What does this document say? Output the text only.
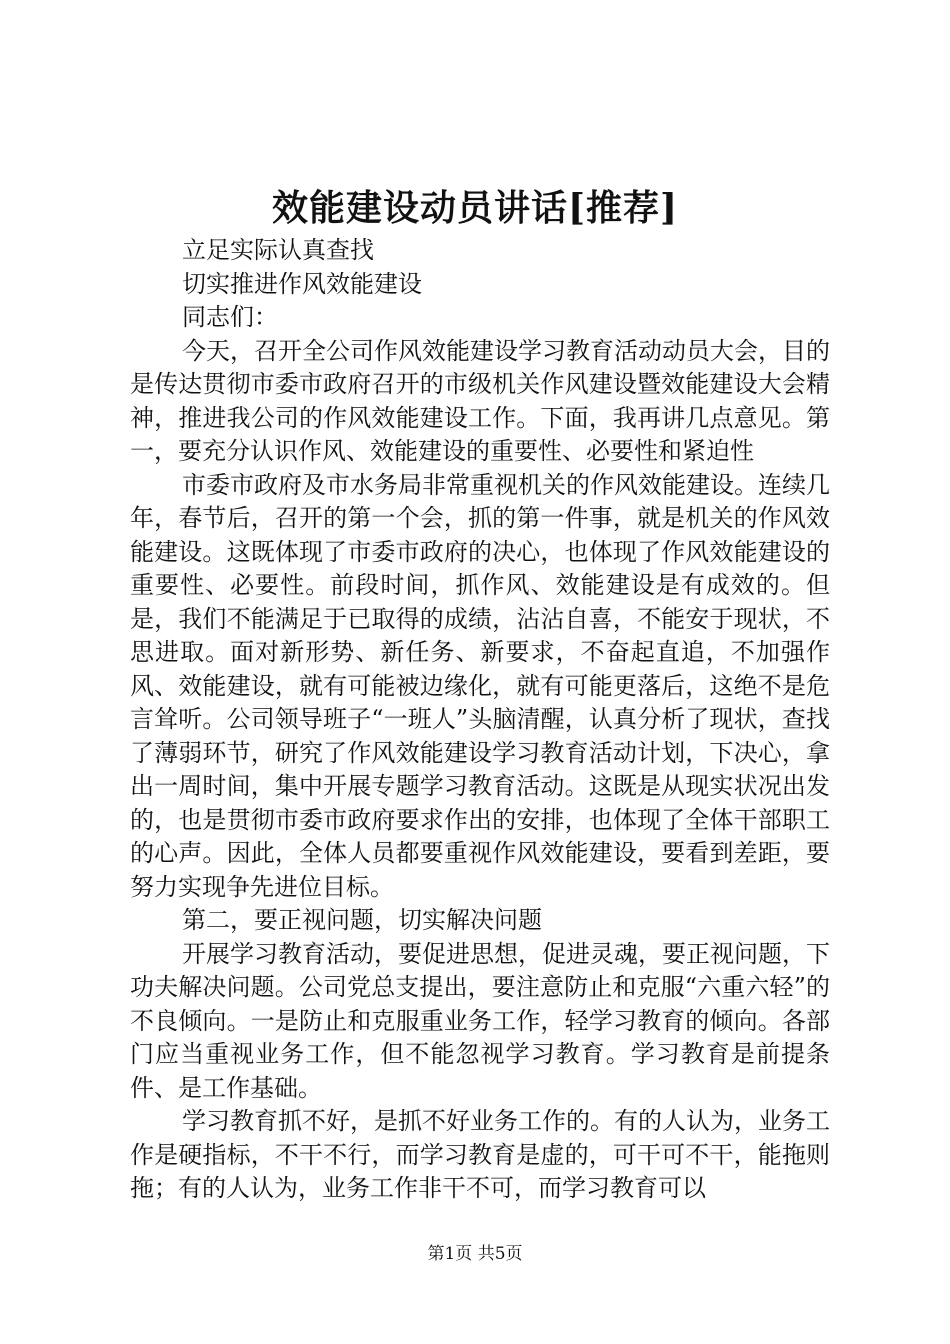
效能建设动员讲话[推荐]

立足实际认真查找

切实推进作风效能建设

同志们：

今天，召开全公司作风效能建设学习教育活动动员大会，目的是传达贯彻市委市政府召开的市级机关作风建设暨效能建设大会精神，推进我公司的作风效能建设工作。下面，我再讲几点意见。第一，要充分认识作风、效能建设的重要性、必要性和紧迫性

市委市政府及市水务局非常重视机关的作风效能建设。连续几年，春节后，召开的第一个会，抓的第一件事，就是机关的作风效能建设。这既体现了市委市政府的决心，也体现了作风效能建设的重要性、必要性。前段时间，抓作风、效能建设是有成效的。但是，我们不能满足于已取得的成绩，沾沾自喜，不能安于现状，不思进取。面对新形势、新任务、新要求，不奋起直追，不加强作风、效能建设，就有可能被边缘化，就有可能更落后，这绝不是危言耸听。公司领导班子“一班人”头脑清醒，认真分析了现状，查找了薄弱环节，研究了作风效能建设学习教育活动计划，下决心，拿出一周时间，集中开展专题学习教育活动。这既是从现实状况出发的，也是贯彻市委市政府要求作出的安排，也体现了全体干部职工的心声。因此，全体人员都要重视作风效能建设，要看到差距，要努力实现争先进位目标。

第二，要正视问题，切实解决问题

开展学习教育活动，要促进思想，促进灵魂，要正视问题，下功夫解决问题。公司党总支提出，要注意防止和克服“六重六轻”的不良倾向。一是防止和克服重业务工作，轻学习教育的倾向。各部门应当重视业务工作，但不能忽视学习教育。学习教育是前提条件、是工作基础。

学习教育抓不好，是抓不好业务工作的。有的人认为，业务工作是硬指标，不干不行，而学习教育是虚的，可干可不干，能拖则拖；有的人认为，业务工作非干不可，而学习教育可以

第1页 共5页
